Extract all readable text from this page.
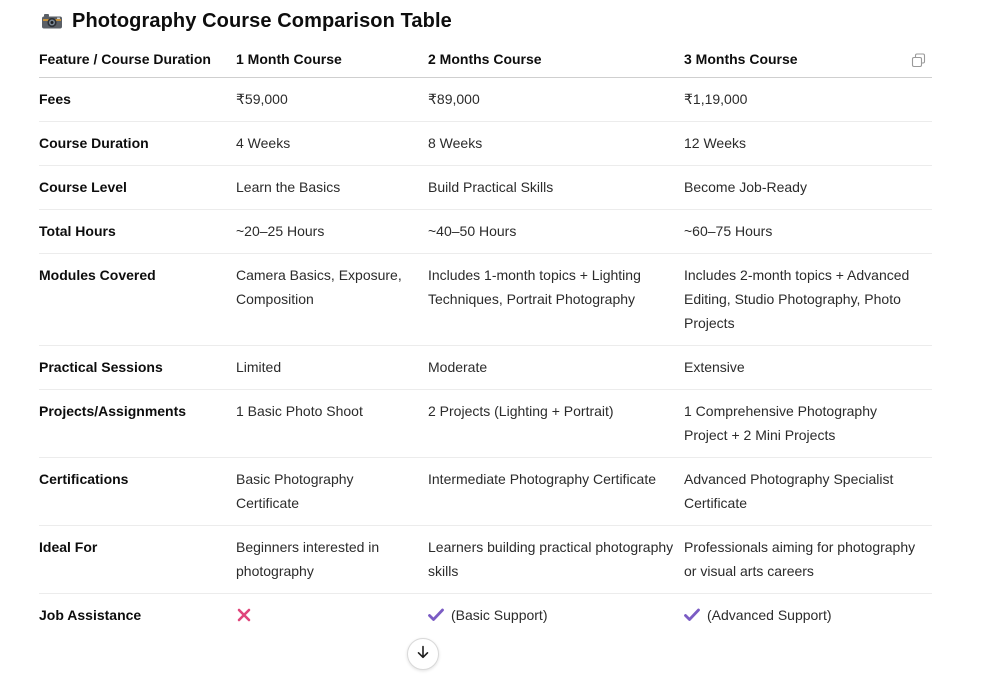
Photography Course Comparison Table
Feature / Course Duration	1 Month Course	2 Months Course	3 Months Course

Fees	₹59,000	₹89,000	₹1,19,000
Course Duration	4 Weeks	8 Weeks	12 Weeks
Course Level	Learn the Basics	Build Practical Skills	Become Job-Ready
Total Hours	~20–25 Hours	~40–50 Hours	~60–75 Hours
Modules Covered	Camera Basics, Exposure, Composition	Includes 1-month topics + Lighting Techniques, Portrait Photography	Includes 2-month topics + Advanced Editing, Studio Photography, Photo Projects
Practical Sessions	Limited	Moderate	Extensive
Projects/Assignments	1 Basic Photo Shoot	2 Projects (Lighting + Portrait)	1 Comprehensive Photography Project + 2 Mini Projects
Certifications	Basic Photography Certificate	Intermediate Photography Certificate	Advanced Photography Specialist Certificate
Ideal For	Beginners interested in photography	Learners building practical photography skills	Professionals aiming for photography or visual arts careers
Job Assistance		(Basic Support)	(Advanced Support)
